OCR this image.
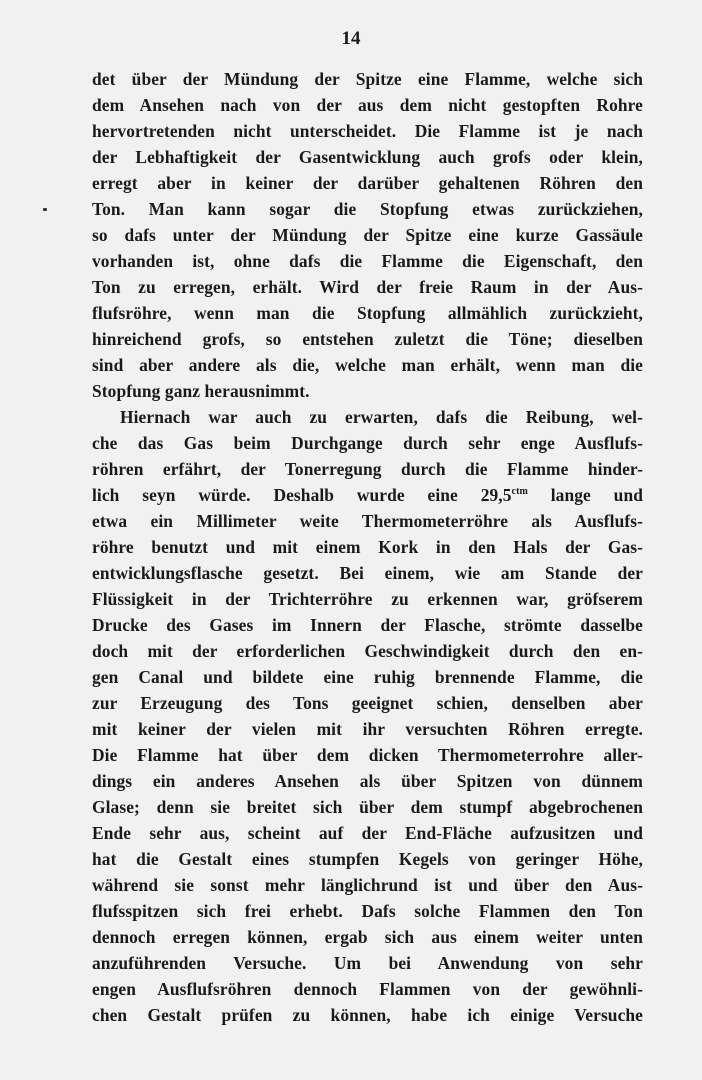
14
det über der Mündung der Spitze eine Flamme, welche sich
dem Ansehen nach von der aus dem nicht gestopften Rohre
hervortretenden nicht unterscheidet. Die Flamme ist je nach
der Lebhaftigkeit der Gasentwicklung auch grofs oder klein,
erregt aber in keiner der darüber gehaltenen Röhren den
Ton. Man kann sogar die Stopfung etwas zurückziehen,
so dafs unter der Mündung der Spitze eine kurze Gassäule
vorhanden ist, ohne dafs die Flamme die Eigenschaft, den
Ton zu erregen, erhält. Wird der freie Raum in der Aus-
flufsröhre, wenn man die Stopfung allmählich zurückzieht,
hinreichend grofs, so entstehen zuletzt die Töne; dieselben
sind aber andere als die, welche man erhält, wenn man die
Stopfung ganz herausnimmt.
Hiernach war auch zu erwarten, dafs die Reibung, wel-
che das Gas beim Durchgange durch sehr enge Ausflufs-
röhren erfährt, der Tonerregung durch die Flamme hinder-
lich seyn würde. Deshalb wurde eine $29,5^{ctm}$ lange und
etwa ein Millimeter weite Thermometerröhre als Ausflufs-
röhre benutzt und mit einem Kork in den Hals der Gas-
entwicklungsflasche gesetzt. Bei einem, wie am Stande der
Flüssigkeit in der Trichterröhre zu erkennen war, gröfserem
Drucke des Gases im Innern der Flasche, strömte dasselbe
doch mit der erforderlichen Geschwindigkeit durch den en-
gen Canal und bildete eine ruhig brennende Flamme, die
zur Erzeugung des Tons geeignet schien, denselben aber
mit keiner der vielen mit ihr versuchten Röhren erregte.
Die Flamme hat über dem dicken Thermometerrohre aller-
dings ein anderes Ansehen als über Spitzen von dünnem
Glase; denn sie breitet sich über dem stumpf abgebrochenen
Ende sehr aus, scheint auf der End-Fläche aufzusitzen und
hat die Gestalt eines stumpfen Kegels von geringer Höhe,
während sie sonst mehr länglichrund ist und über den Aus-
flufsspitzen sich frei erhebt. Dafs solche Flammen den Ton
dennoch erregen können, ergab sich aus einem weiter unten
anzuführenden Versuche. Um bei Anwendung von sehr
engen Ausflufsröhren dennoch Flammen von der gewöhnli-
chen Gestalt prüfen zu können, habe ich einige Versuche
